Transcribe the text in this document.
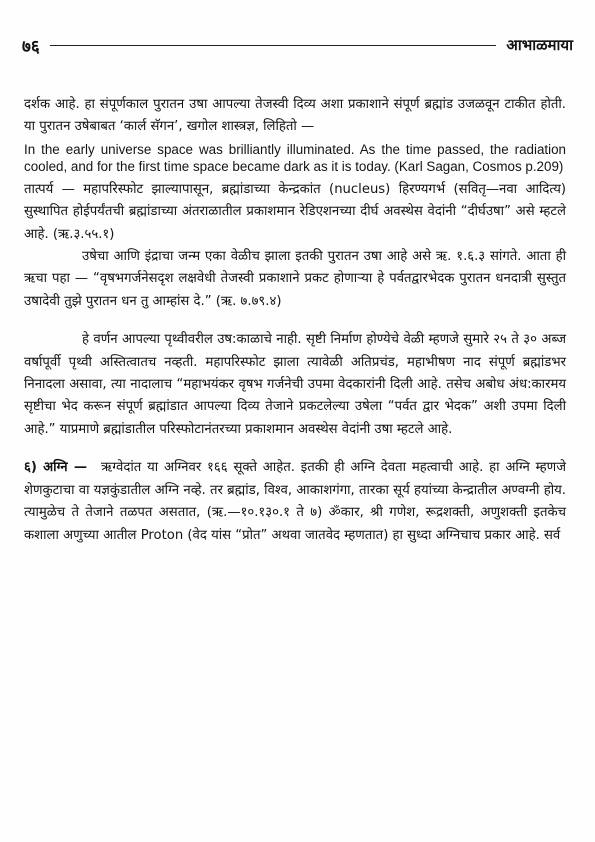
७६	आभाळमाया

दर्शक आहे. हा संपूर्णकाल पुरातन उषा आपल्या तेजस्वी दिव्य अशा प्रकाशाने संपूर्ण ब्रह्मांड उजळवून टाकीत होती. या पुरातन उषेबाबत ‘कार्ल सॅगन’, खगोल शास्त्रज्ञ, लिहितो —
In the early universe space was brilliantly illuminated. As the time passed, the radiation cooled, and for the first time space became dark as it is today. (Karl Sagan, Cosmos p.209)

तात्पर्य — महापरिस्फोट झाल्यापासून, ब्रह्मांडाच्या केन्द्रकांत (nucleus) हिरण्यगर्भ (सवितृ—नवा आदित्य) सुस्थापित होईपर्यंतची ब्रह्मांडाच्या अंतराळातील प्रकाशमान रेडिएशनच्या दीर्घ अवस्थेस वेदांनी “दीर्घउषा” असे म्हटले आहे. (ऋ.३.५५.१)

उषेचा आणि इंद्राचा जन्म एका वेळीच झाला इतकी पुरातन उषा आहे असे ऋ. १.६.३ सांगते. आता ही ऋचा पहा — “वृषभगर्जनेसदृश लक्षवेधी तेजस्वी प्रकाशाने प्रकट होणाऱ्या हे पर्वतद्वारभेदक पुरातन धनदात्री सुस्तुत उषादेवी तुझे पुरातन धन तु आम्हांस दे.” (ऋ. ७.७९.४)

हे वर्णन आपल्या पृथ्वीवरील उष:काळाचे नाही. सृष्टी निर्माण होण्येचे वेळी म्हणजे सुमारे २५ ते ३० अब्ज वर्षापूर्वी पृथ्वी अस्तित्वातच नव्हती. महापरिस्फोट झाला त्यावेळी अतिप्रचंड, महाभीषण नाद संपूर्ण ब्रह्मांडभर निनादला असावा, त्या नादालाच “महाभयंकर वृषभ गर्जनेची उपमा वेदकारांनी दिली आहे. तसेच अबोध अंध:कारमय सृष्टीचा भेद करून संपूर्ण ब्रह्मांडात आपल्या दिव्य तेजाने प्रकटलेल्या उषेला “पर्वत द्वार भेदक” अशी उपमा दिली आहे.” याप्रमाणे ब्रह्मांडातील परिस्फोटानंतरच्या प्रकाशमान अवस्थेस वेदांनी उषा म्हटले आहे.

६) अग्नि — ऋग्वेदांत या अग्निवर १६६ सूक्ते आहेत. इतकी ही अग्नि देवता महत्वाची आहे. हा अग्नि म्हणजे शेणकुटाचा वा यज्ञकुंडातील अग्नि नव्हे. तर ब्रह्मांड, विश्व, आकाशगंगा, तारका सूर्य हयांच्या केन्द्रातील अण्वग्नी होय. त्यामुळेच ते तेजाने तळपत असतात, (ऋ.—१०.१३०.१ ते ७) ॐकार, श्री गणेश, रूद्रशक्ती, अणुशक्ती इतकेच कशाला अणुच्या आतील Proton (वेद यांस “प्रोत” अथवा जातवेद म्हणतात) हा सुध्दा अग्निचाच प्रकार आहे. सर्व
